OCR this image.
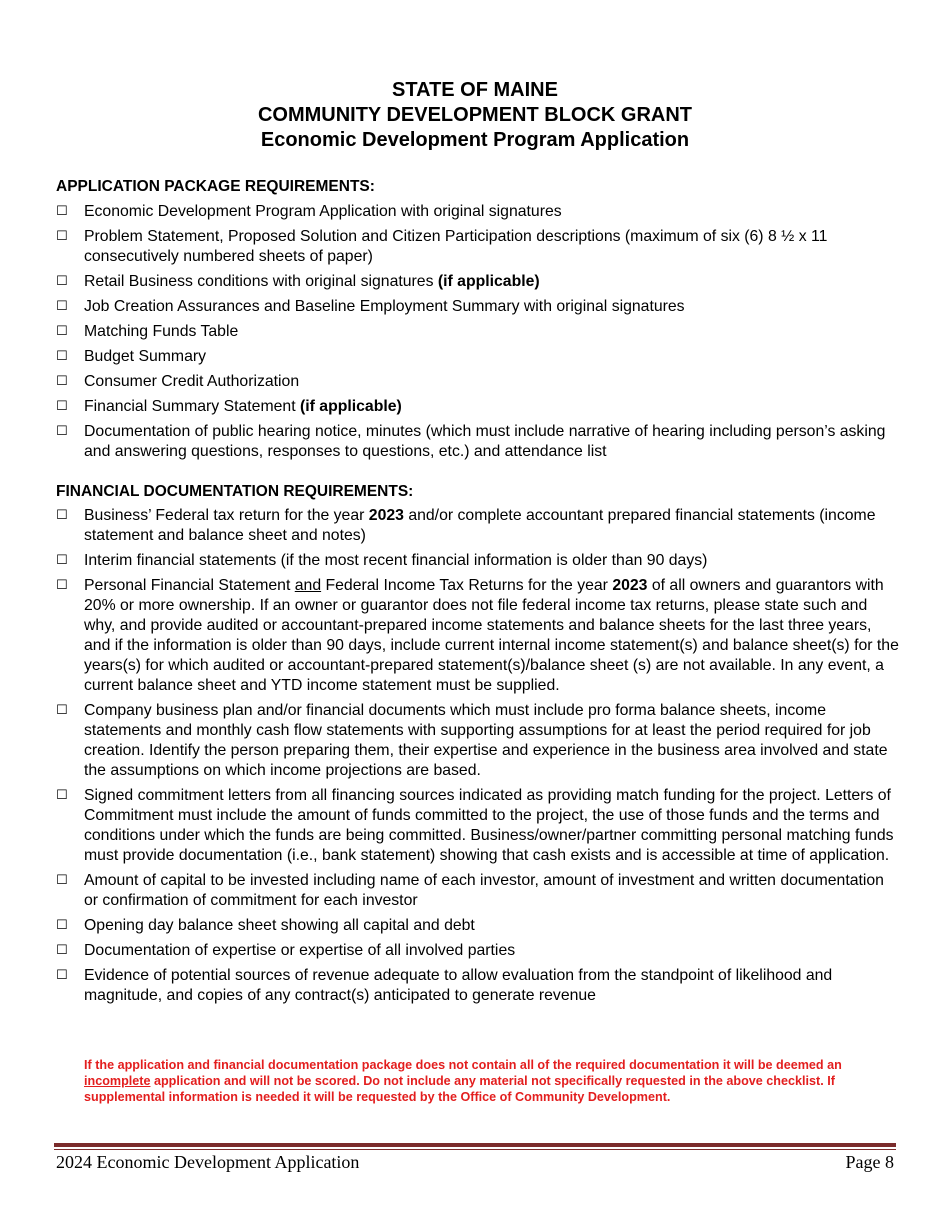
STATE OF MAINE
COMMUNITY DEVELOPMENT BLOCK GRANT
Economic Development Program Application
APPLICATION PACKAGE REQUIREMENTS:
☐ Economic Development Program Application with original signatures
☐ Problem Statement, Proposed Solution and Citizen Participation descriptions (maximum of six (6) 8 ½ x 11 consecutively numbered sheets of paper)
☐ Retail Business conditions with original signatures (if applicable)
☐ Job Creation Assurances and Baseline Employment Summary with original signatures
☐ Matching Funds Table
☐ Budget Summary
☐ Consumer Credit Authorization
☐ Financial Summary Statement (if applicable)
☐ Documentation of public hearing notice, minutes (which must include narrative of hearing including person’s asking and answering questions, responses to questions, etc.) and attendance list
FINANCIAL DOCUMENTATION REQUIREMENTS:
☐ Business’ Federal tax return for the year 2023 and/or complete accountant prepared financial statements (income statement and balance sheet and notes)
☐ Interim financial statements (if the most recent financial information is older than 90 days)
☐ Personal Financial Statement and Federal Income Tax Returns for the year 2023 of all owners and guarantors with 20% or more ownership. If an owner or guarantor does not file federal income tax returns, please state such and why, and provide audited or accountant-prepared income statements and balance sheets for the last three years, and if the information is older than 90 days, include current internal income statement(s) and balance sheet(s) for the years(s) for which audited or accountant-prepared statement(s)/balance sheet (s) are not available. In any event, a current balance sheet and YTD income statement must be supplied.
☐ Company business plan and/or financial documents which must include pro forma balance sheets, income statements and monthly cash flow statements with supporting assumptions for at least the period required for job creation. Identify the person preparing them, their expertise and experience in the business area involved and state the assumptions on which income projections are based.
☐ Signed commitment letters from all financing sources indicated as providing match funding for the project. Letters of Commitment must include the amount of funds committed to the project, the use of those funds and the terms and conditions under which the funds are being committed. Business/owner/partner committing personal matching funds must provide documentation (i.e., bank statement) showing that cash exists and is accessible at time of application.
☐ Amount of capital to be invested including name of each investor, amount of investment and written documentation or confirmation of commitment for each investor
☐ Opening day balance sheet showing all capital and debt
☐ Documentation of expertise or expertise of all involved parties
☐ Evidence of potential sources of revenue adequate to allow evaluation from the standpoint of likelihood and magnitude, and copies of any contract(s) anticipated to generate revenue
If the application and financial documentation package does not contain all of the required documentation it will be deemed an incomplete application and will not be scored. Do not include any material not specifically requested in the above checklist. If supplemental information is needed it will be requested by the Office of Community Development.
2024 Economic Development Application	Page 8
